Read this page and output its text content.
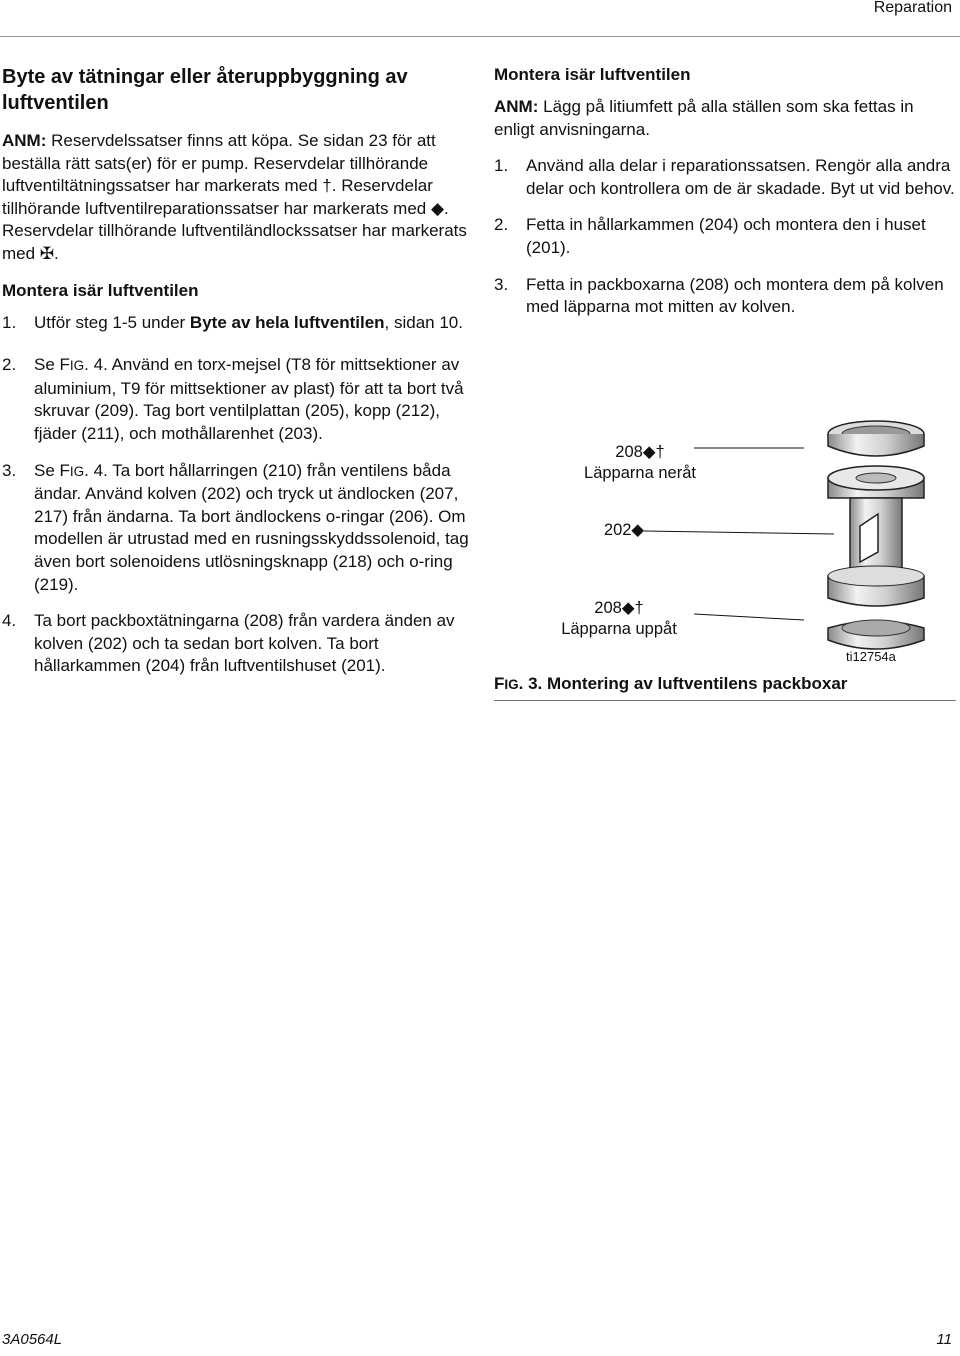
Reparation
Byte av tätningar eller återuppbyggning av luftventilen

ANM: Reservdelssatser finns att köpa. Se sidan 23 för att beställa rätt sats(er) för er pump. Reservdelar tillhörande luftventiltätningssatser har markerats med †. Reservdelar tillhörande luftventilreparationssatser har markerats med ◆. Reservdelar tillhörande luftventiländlockssatser har markerats med ✠.

Montera isär luftventilen
1. Utför steg 1-5 under Byte av hela luftventilen, sidan 10.
2. Se FIG. 4. Använd en torx-mejsel (T8 för mittsektioner av aluminium, T9 för mittsektioner av plast) för att ta bort två skruvar (209). Tag bort ventilplattan (205), kopp (212), fjäder (211), och mothållarenhet (203).
3. Se FIG. 4. Ta bort hållarringen (210) från ventilens båda ändar. Använd kolven (202) och tryck ut ändlocken (207, 217) från ändarna. Ta bort ändlockens o-ringar (206). Om modellen är utrustad med en rusningsskyddssolenoid, tag även bort solenoidens utlösningsknapp (218) och o-ring (219).
4. Ta bort packboxtätningarna (208) från vardera änden av kolven (202) och ta sedan bort kolven. Ta bort hållarkammen (204) från luftventilshuset (201).
Montera isär luftventilen

ANM: Lägg på litiumfett på alla ställen som ska fettas in enligt anvisningarna.

1. Använd alla delar i reparationssatsen. Rengör alla andra delar och kontrollera om de är skadade. Byt ut vid behov.
2. Fetta in hållarkammen (204) och montera den i huset (201).
3. Fetta in packboxarna (208) och montera dem på kolven med läpparna mot mitten av kolven.
208◆†
Läpparna neråt
202◆
208◆†
Läpparna uppåt
ti12754a
FIG. 3. Montering av luftventilens packboxar
3A0564L	11
